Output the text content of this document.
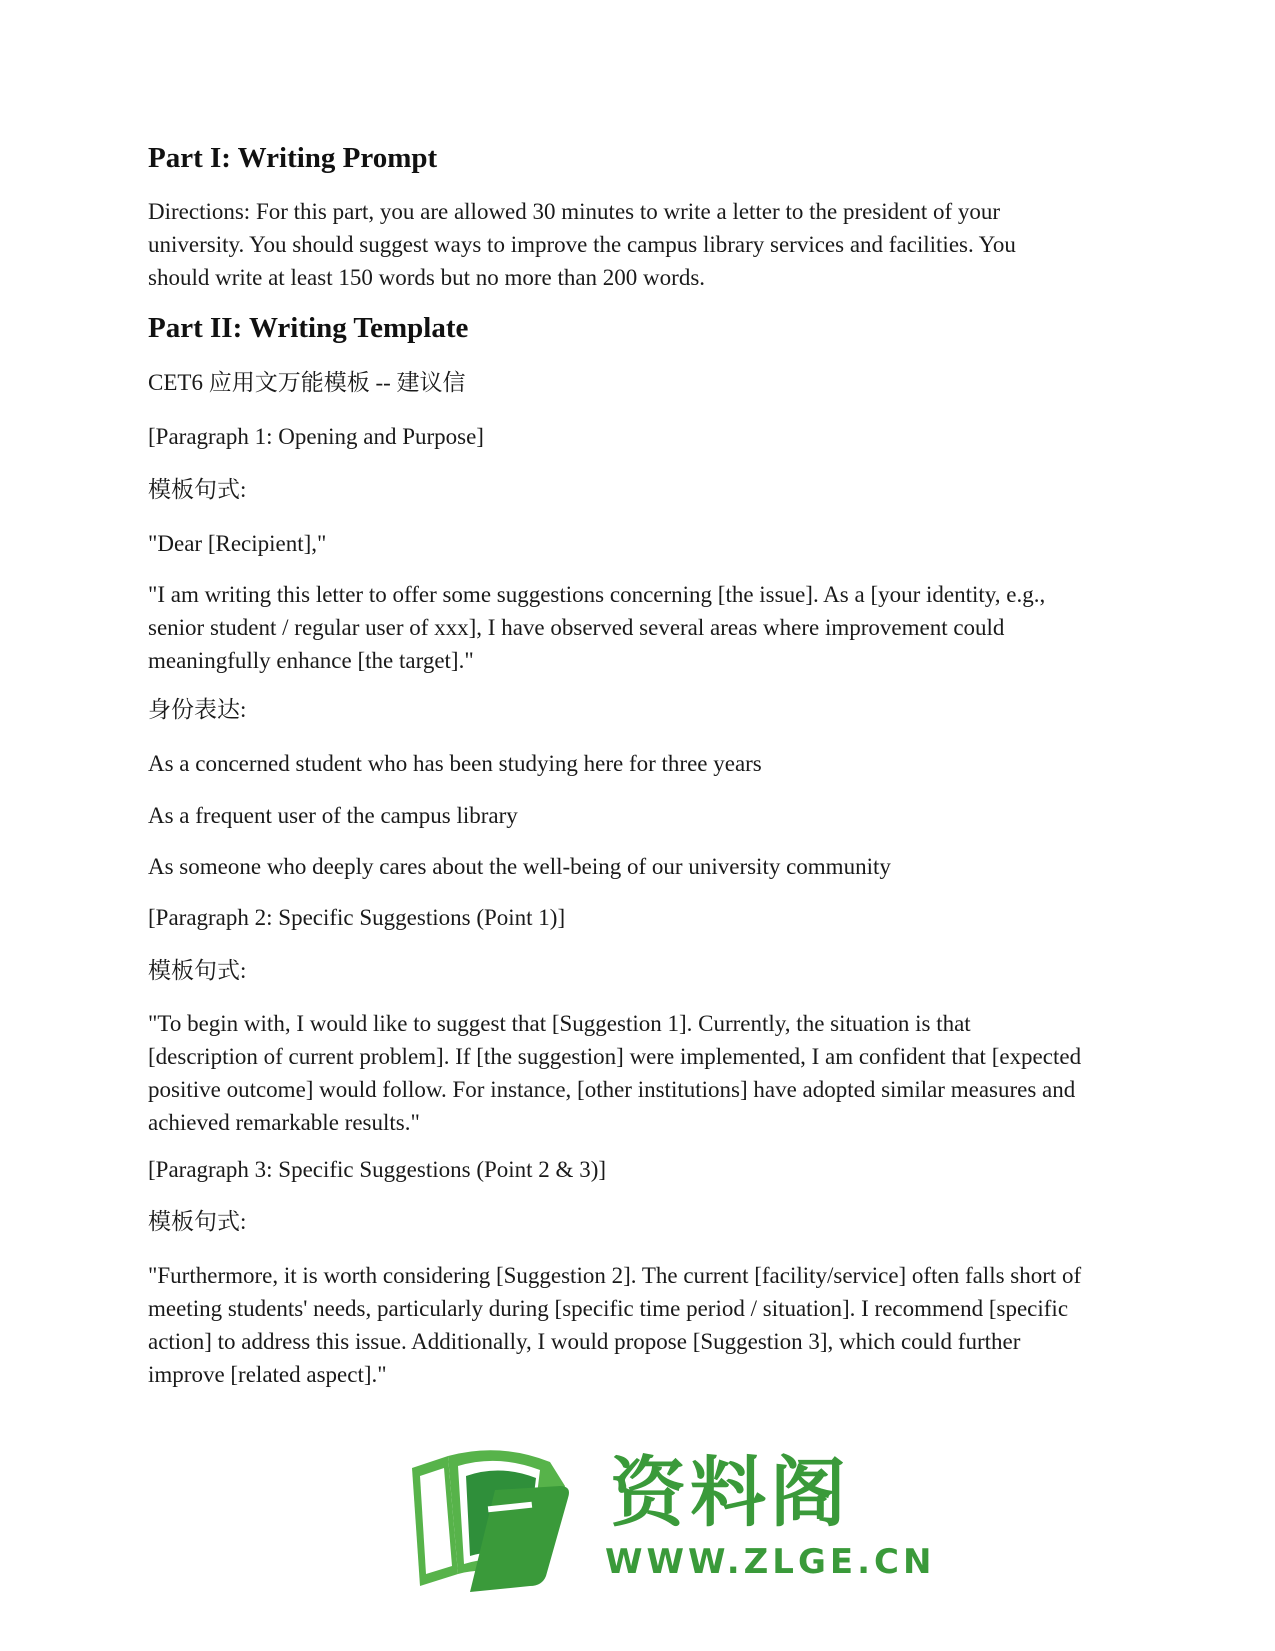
Part I: Writing Prompt

Directions: For this part, you are allowed 30 minutes to write a letter to the president of your university. You should suggest ways to improve the campus library services and facilities. You should write at least 150 words but no more than 200 words.

Part II: Writing Template

CET6 应用文万能模板 -- 建议信

[Paragraph 1: Opening and Purpose]

模板句式:

"Dear [Recipient],"

"I am writing this letter to offer some suggestions concerning [the issue]. As a [your identity, e.g., senior student / regular user of xxx], I have observed several areas where improvement could meaningfully enhance [the target]."

身份表达:

As a concerned student who has been studying here for three years

As a frequent user of the campus library

As someone who deeply cares about the well-being of our university community

[Paragraph 2: Specific Suggestions (Point 1)]

模板句式:

"To begin with, I would like to suggest that [Suggestion 1]. Currently, the situation is that [description of current problem]. If [the suggestion] were implemented, I am confident that [expected positive outcome] would follow. For instance, [other institutions] have adopted similar measures and achieved remarkable results."

[Paragraph 3: Specific Suggestions (Point 2 & 3)]

模板句式:

"Furthermore, it is worth considering [Suggestion 2]. The current [facility/service] often falls short of meeting students' needs, particularly during [specific time period / situation]. I recommend [specific action] to address this issue. Additionally, I would propose [Suggestion 3], which could further improve [related aspect]."

资料阁
WWW.ZLGE.CN
